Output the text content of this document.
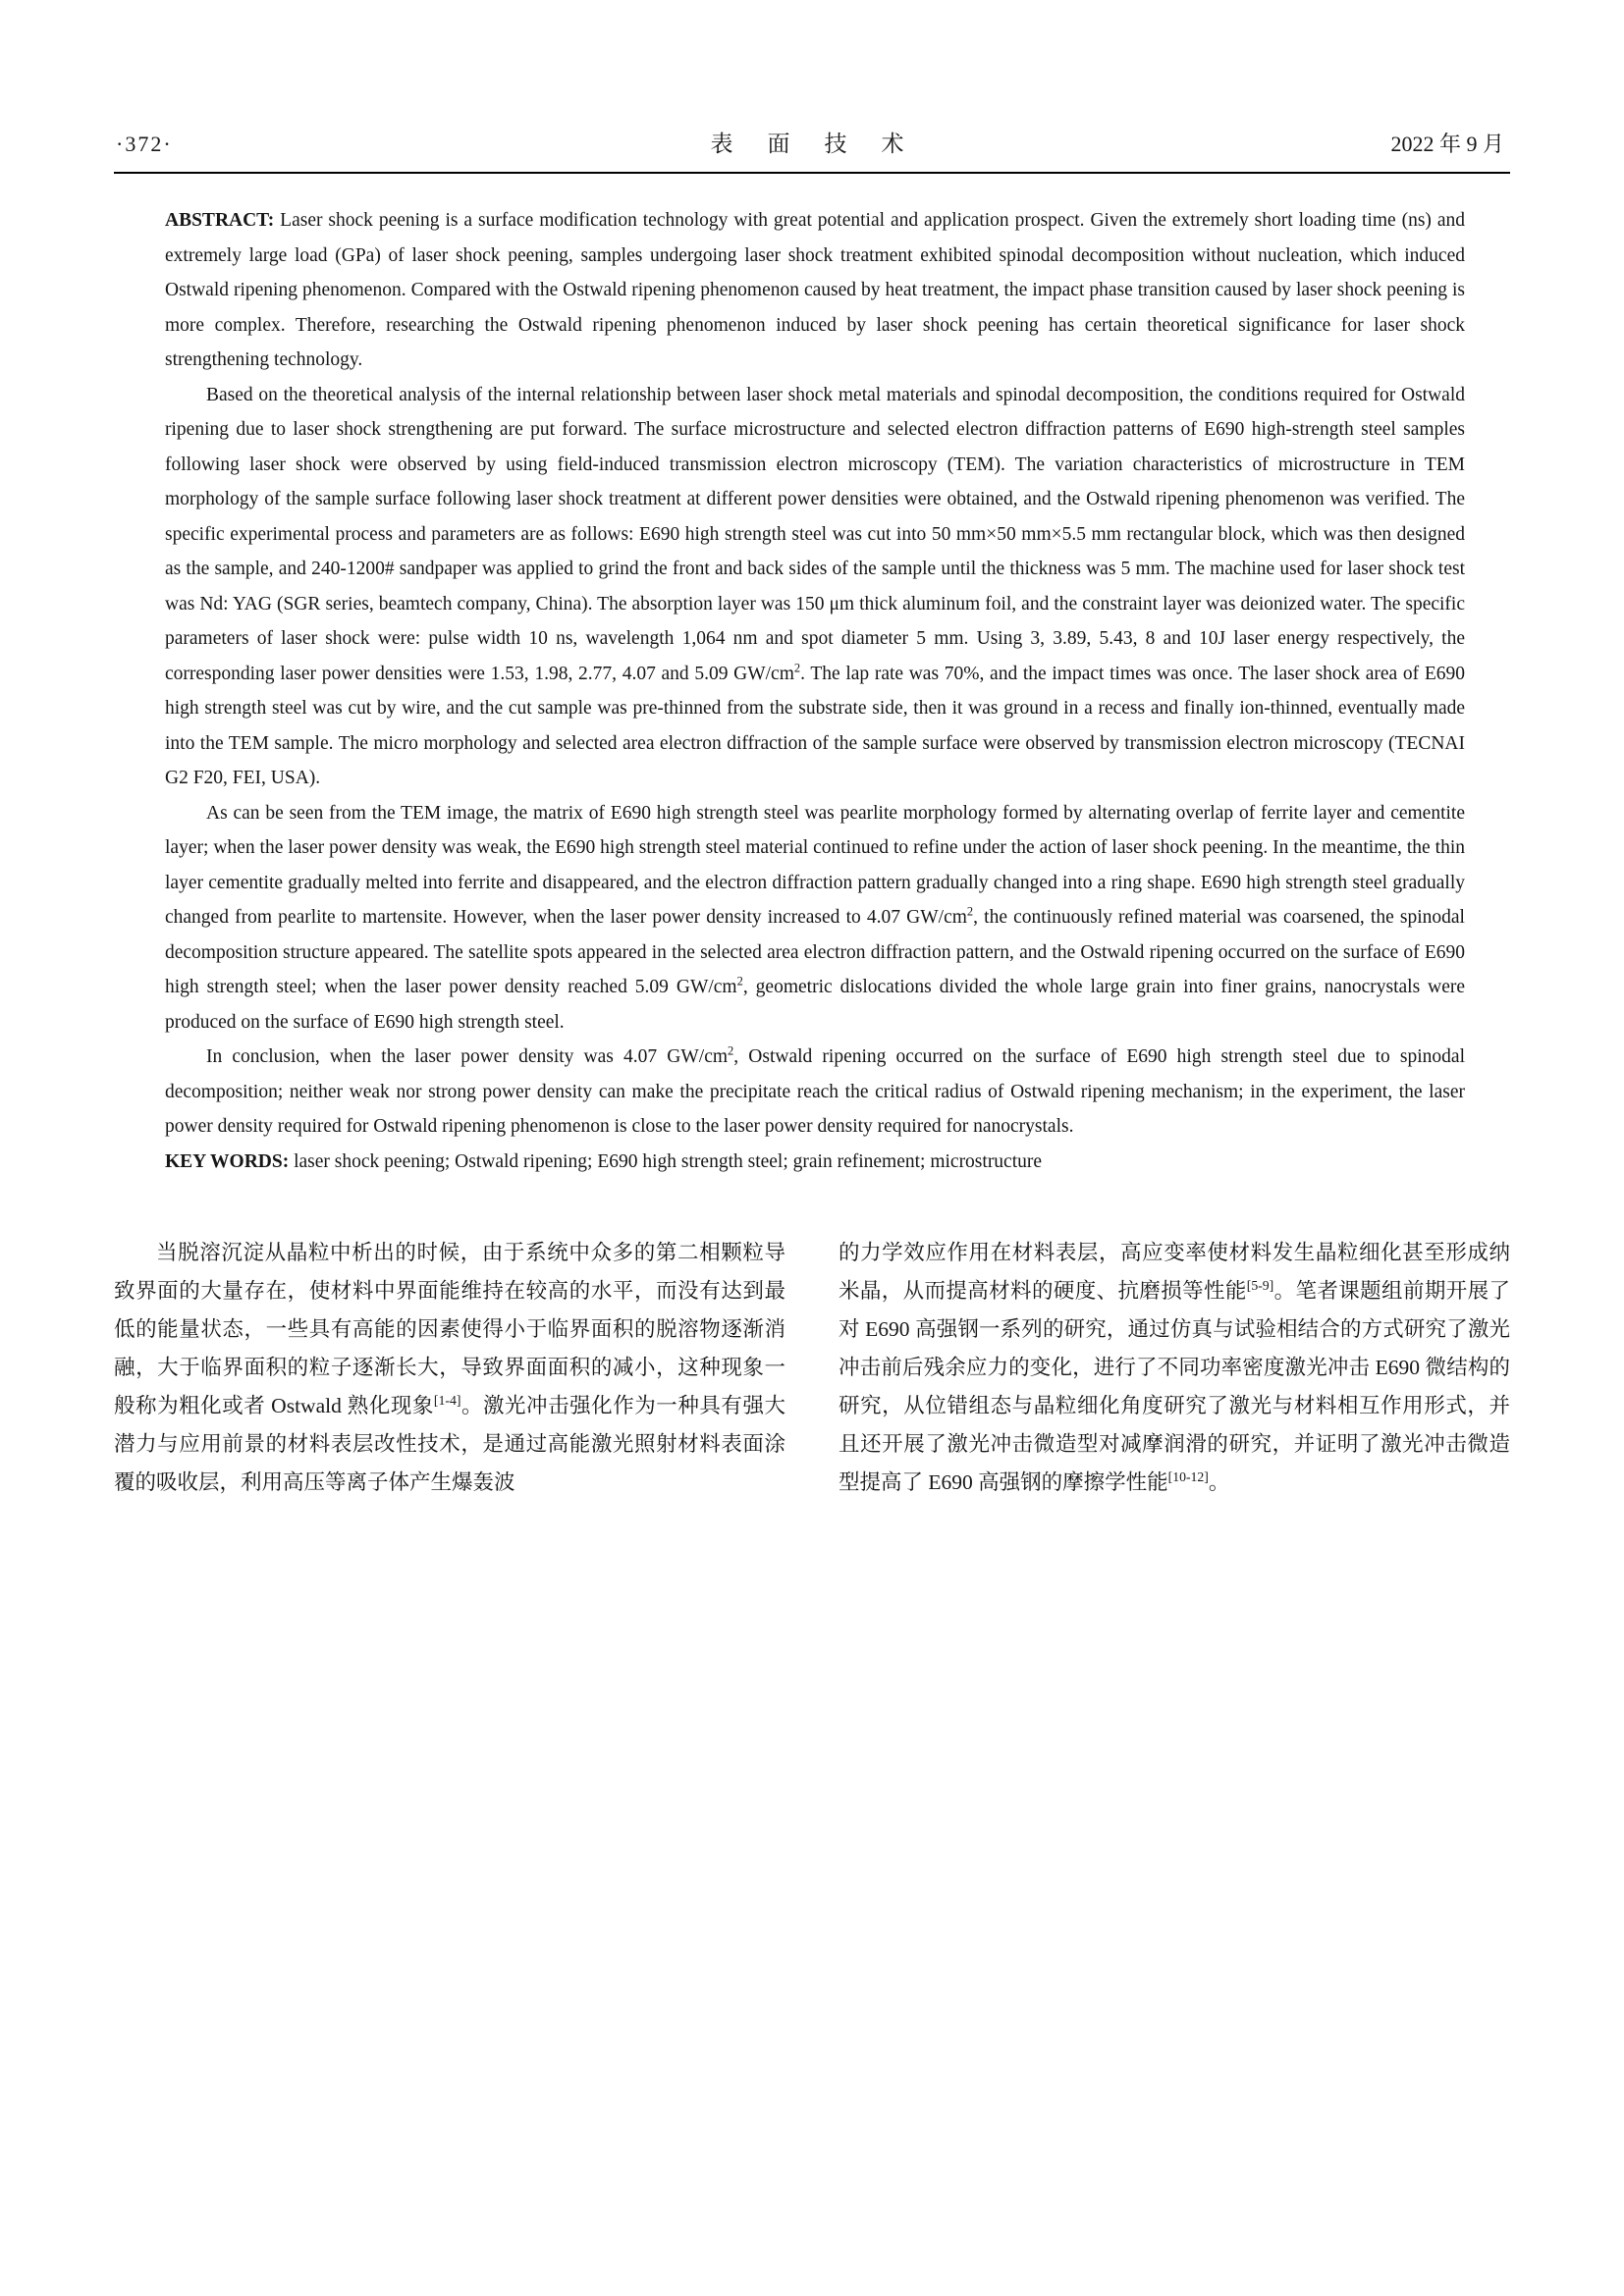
·372·	表　面　技　术	2022 年 9 月

ABSTRACT: Laser shock peening is a surface modification technology with great potential and application prospect. Given the extremely short loading time (ns) and extremely large load (GPa) of laser shock peening, samples undergoing laser shock treatment exhibited spinodal decomposition without nucleation, which induced Ostwald ripening phenomenon. Compared with the Ostwald ripening phenomenon caused by heat treatment, the impact phase transition caused by laser shock peening is more complex. Therefore, researching the Ostwald ripening phenomenon induced by laser shock peening has certain theoretical significance for laser shock strengthening technology.

Based on the theoretical analysis of the internal relationship between laser shock metal materials and spinodal decomposition, the conditions required for Ostwald ripening due to laser shock strengthening are put forward. The surface microstructure and selected electron diffraction patterns of E690 high-strength steel samples following laser shock were observed by using field-induced transmission electron microscopy (TEM). The variation characteristics of microstructure in TEM morphology of the sample surface following laser shock treatment at different power densities were obtained, and the Ostwald ripening phenomenon was verified. The specific experimental process and parameters are as follows: E690 high strength steel was cut into 50 mm×50 mm×5.5 mm rectangular block, which was then designed as the sample, and 240-1200# sandpaper was applied to grind the front and back sides of the sample until the thickness was 5 mm. The machine used for laser shock test was Nd: YAG (SGR series, beamtech company, China). The absorption layer was 150 μm thick aluminum foil, and the constraint layer was deionized water. The specific parameters of laser shock were: pulse width 10 ns, wavelength 1,064 nm and spot diameter 5 mm. Using 3, 3.89, 5.43, 8 and 10J laser energy respectively, the corresponding laser power densities were 1.53, 1.98, 2.77, 4.07 and 5.09 $GW/cm^2$. The lap rate was 70%, and the impact times was once. The laser shock area of E690 high strength steel was cut by wire, and the cut sample was pre-thinned from the substrate side, then it was ground in a recess and finally ion-thinned, eventually made into the TEM sample. The micro morphology and selected area electron diffraction of the sample surface were observed by transmission electron microscopy (TECNAI G2 F20, FEI, USA).

As can be seen from the TEM image, the matrix of E690 high strength steel was pearlite morphology formed by alternating overlap of ferrite layer and cementite layer; when the laser power density was weak, the E690 high strength steel material continued to refine under the action of laser shock peening. In the meantime, the thin layer cementite gradually melted into ferrite and disappeared, and the electron diffraction pattern gradually changed into a ring shape. E690 high strength steel gradually changed from pearlite to martensite. However, when the laser power density increased to 4.07 $GW/cm^2$, the continuously refined material was coarsened, the spinodal decomposition structure appeared. The satellite spots appeared in the selected area electron diffraction pattern, and the Ostwald ripening occurred on the surface of E690 high strength steel; when the laser power density reached 5.09 $GW/cm^2$, geometric dislocations divided the whole large grain into finer grains, nanocrystals were produced on the surface of E690 high strength steel.

In conclusion, when the laser power density was 4.07 $GW/cm^2$, Ostwald ripening occurred on the surface of E690 high strength steel due to spinodal decomposition; neither weak nor strong power density can make the precipitate reach the critical radius of Ostwald ripening mechanism; in the experiment, the laser power density required for Ostwald ripening phenomenon is close to the laser power density required for nanocrystals.

KEY WORDS: laser shock peening; Ostwald ripening; E690 high strength steel; grain refinement; microstructure

当脱溶沉淀从晶粒中析出的时候，由于系统中众多的第二相颗粒导致界面的大量存在，使材料中界面能维持在较高的水平，而没有达到最低的能量状态，一些具有高能的因素使得小于临界面积的脱溶物逐渐消融，大于临界面积的粒子逐渐长大，导致界面面积的减小，这种现象一般称为粗化或者 Ostwald 熟化现象[1-4]。激光冲击强化作为一种具有强大潜力与应用前景的材料表层改性技术，是通过高能激光照射材料表面涂覆的吸收层，利用高压等离子体产生爆轰波

的力学效应作用在材料表层，高应变率使材料发生晶粒细化甚至形成纳米晶，从而提高材料的硬度、抗磨损等性能[5-9]。笔者课题组前期开展了对 E690 高强钢一系列的研究，通过仿真与试验相结合的方式研究了激光冲击前后残余应力的变化，进行了不同功率密度激光冲击 E690 微结构的研究，从位错组态与晶粒细化角度研究了激光与材料相互作用形式，并且还开展了激光冲击微造型对减摩润滑的研究，并证明了激光冲击微造型提高了 E690 高强钢的摩擦学性能[10-12]。
